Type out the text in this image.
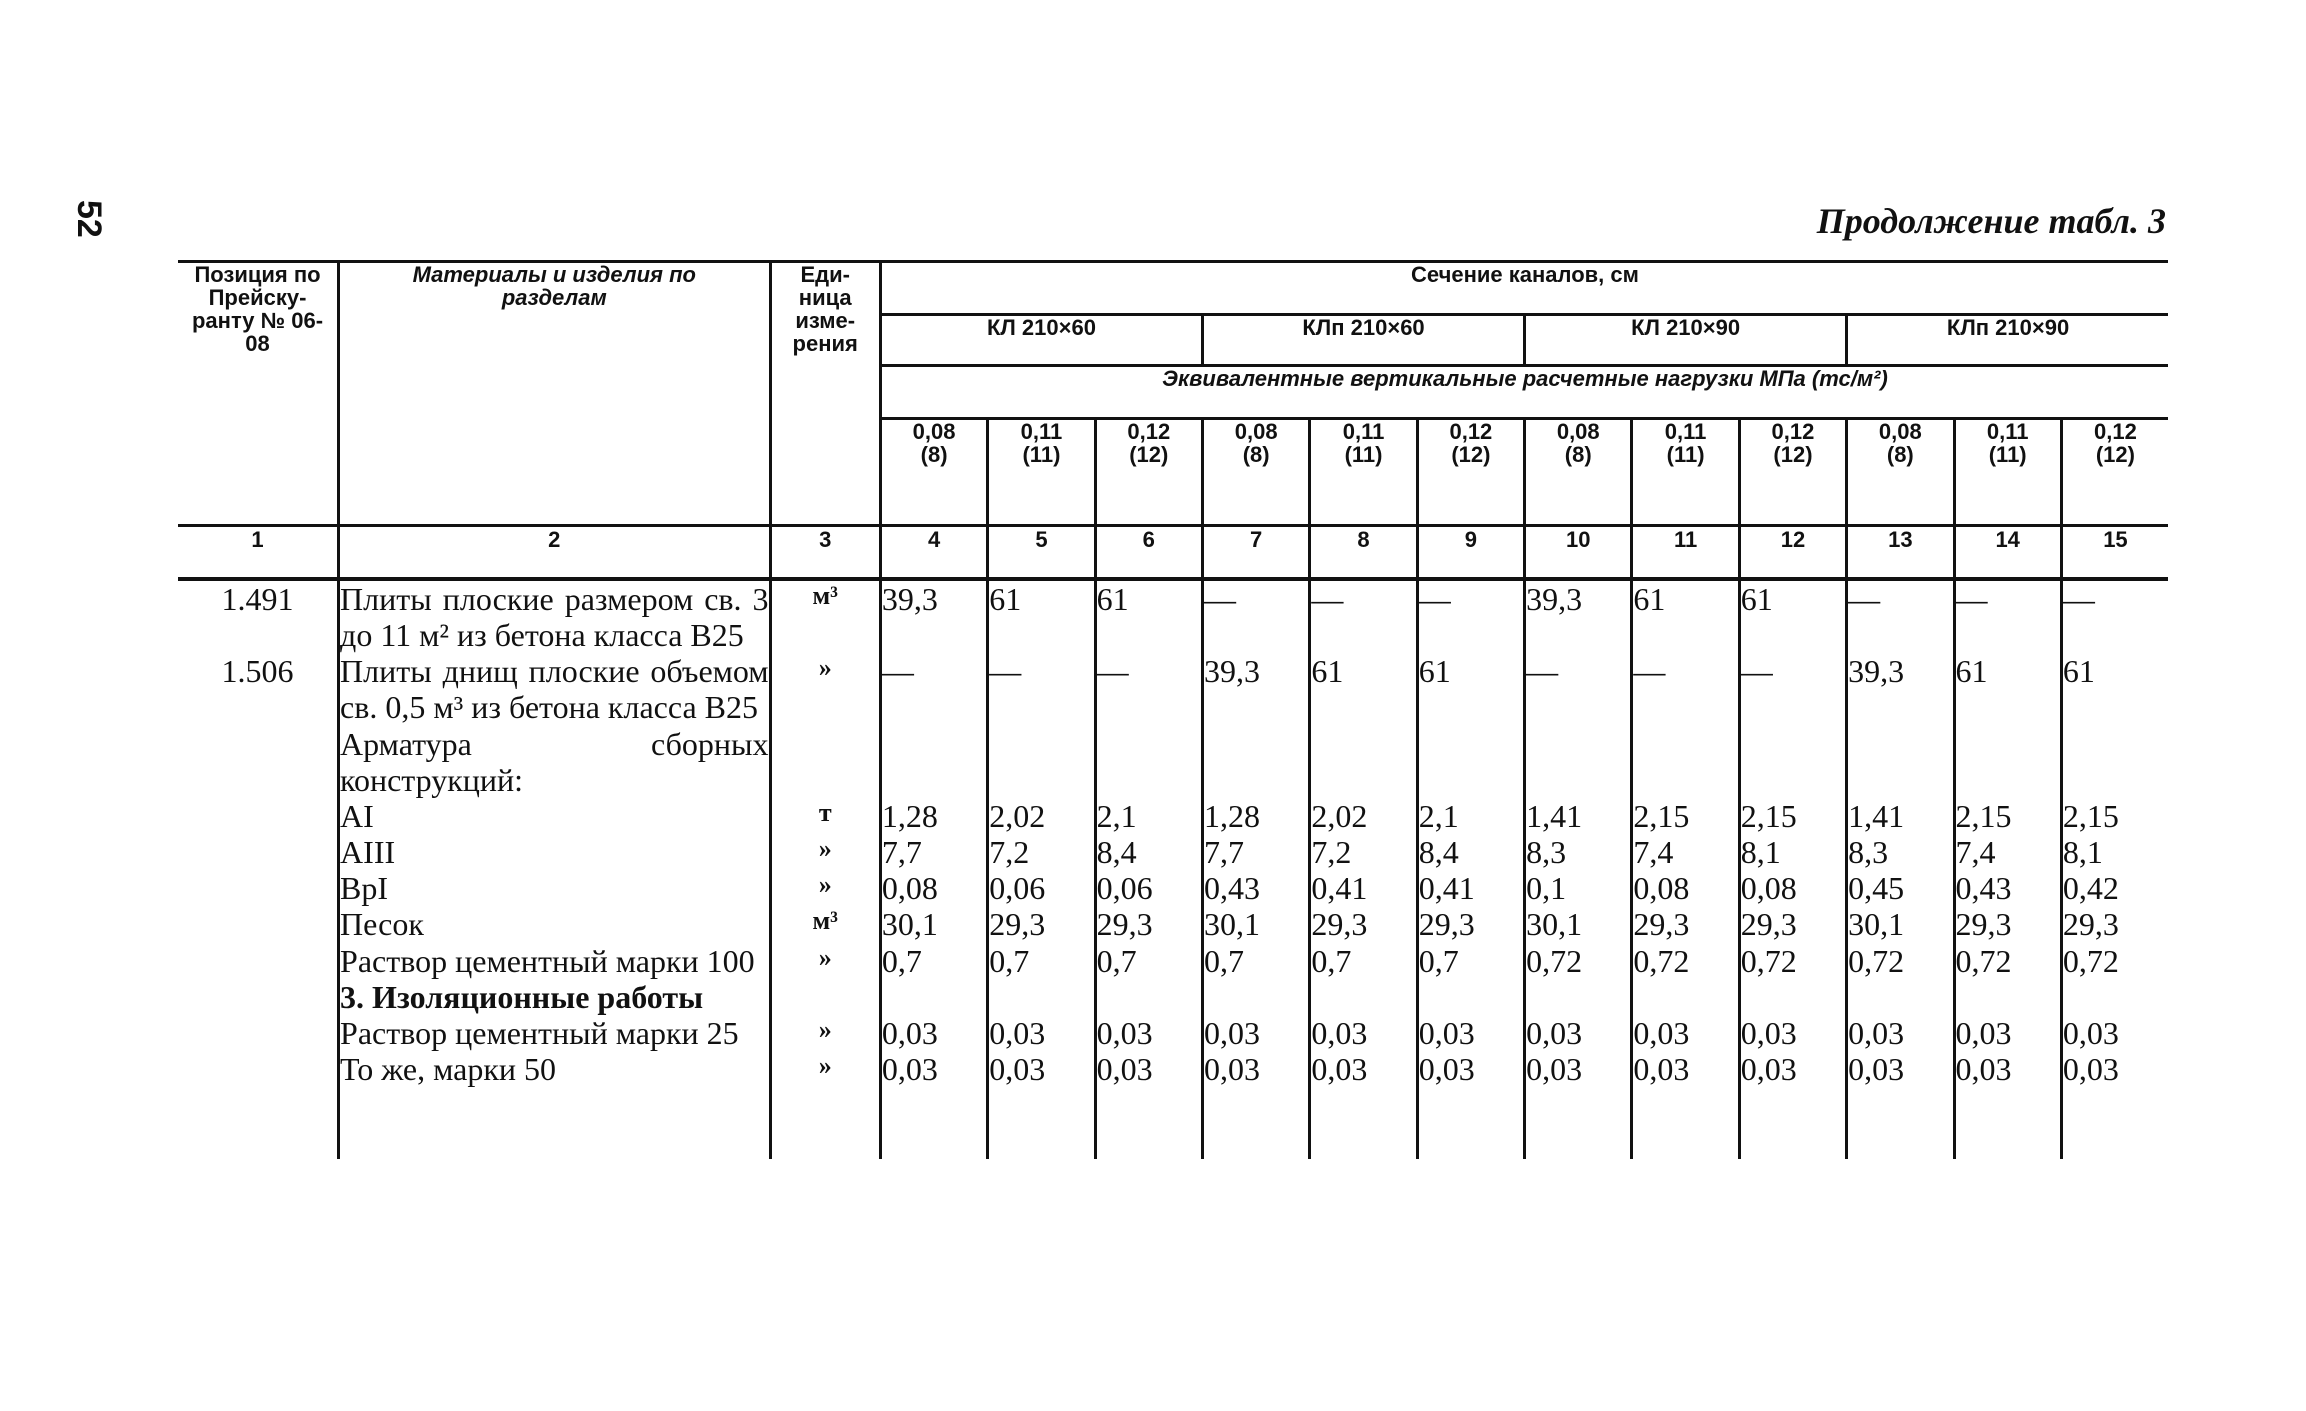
52	Продолжение табл. 3
Позиция по Прейску- ранту № 06-08	Материалы и изделия по разделам	Еди- ница изме- рения	Сечение каналов, см											
			КЛ 210×60			КЛп 210×60			КЛ 210×90			КЛп 210×90		
			Эквивалентные вертикальные расчетные нагрузки МПа (тс/м²)											
			0,08 (8)	0,11 (11)	0,12 (12)	0,08 (8)	0,11 (11)	0,12 (12)	0,08 (8)	0,11 (11)	0,12 (12)	0,08 (8)	0,11 (11)	0,12 (12)
1	2	3	4	5	6	7	8	9	10	11	12	13	14	15
1.491	Плиты плоские размером св. 3 до 11 м² из бетона класса В25	м³	39,3	61	61	—	—	—	39,3	61	61	—	—	—
1.506	Плиты днищ плоские объемом св. 0,5 м³ из бетона класса В25	»	—	—	—	39,3	61	61	—	—	—	39,3	61	61
	Арматура сборных конструкций:													
	AI	т	1,28	2,02	2,1	1,28	2,02	2,1	1,41	2,15	2,15	1,41	2,15	2,15
	AIII	»	7,7	7,2	8,4	7,7	7,2	8,4	8,3	7,4	8,1	8,3	7,4	8,1
	BpI	»	0,08	0,06	0,06	0,43	0,41	0,41	0,1	0,08	0,08	0,45	0,43	0,42
	Песок	м³	30,1	29,3	29,3	30,1	29,3	29,3	30,1	29,3	29,3	30,1	29,3	29,3
	Раствор цементный марки 100	»	0,7	0,7	0,7	0,7	0,7	0,7	0,72	0,72	0,72	0,72	0,72	0,72
	3. Изоляционные работы													
	Раствор цементный марки 25	»	0,03	0,03	0,03	0,03	0,03	0,03	0,03	0,03	0,03	0,03	0,03	0,03
	То же, марки 50	»	0,03	0,03	0,03	0,03	0,03	0,03	0,03	0,03	0,03	0,03	0,03	0,03
